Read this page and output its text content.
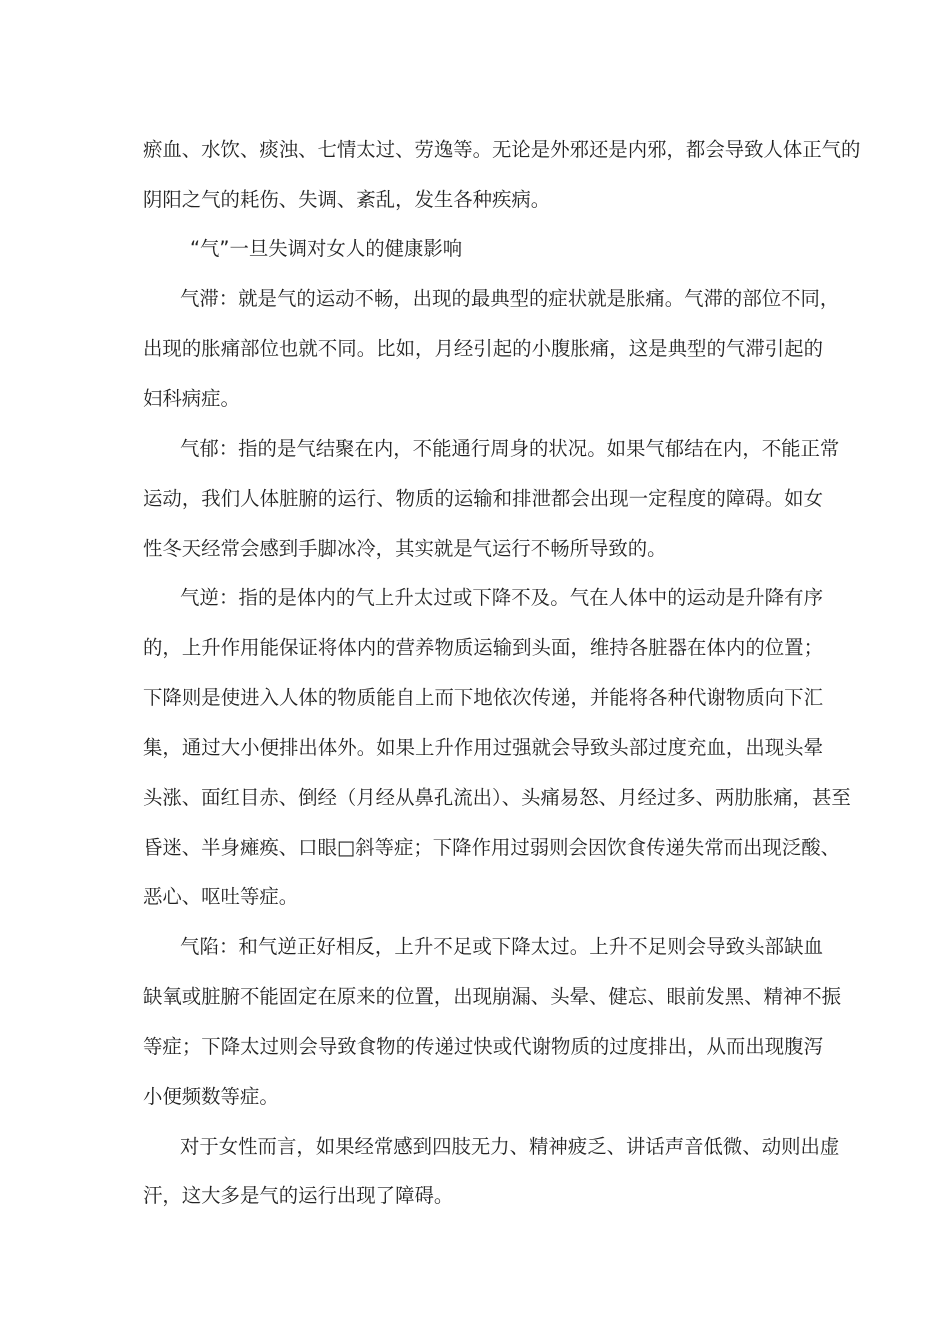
瘀血、水饮、痰浊、七情太过、劳逸等。无论是外邪还是内邪，都会导致人体正气的
阴阳之气的耗伤、失调、紊乱，发生各种疾病。
“气”一旦失调对女人的健康影响
气滞：就是气的运动不畅，出现的最典型的症状就是胀痛。气滞的部位不同，
出现的胀痛部位也就不同。比如，月经引起的小腹胀痛，这是典型的气滞引起的
妇科病症。
气郁：指的是气结聚在内，不能通行周身的状况。如果气郁结在内，不能正常
运动，我们人体脏腑的运行、物质的运输和排泄都会出现一定程度的障碍。如女
性冬天经常会感到手脚冰冷，其实就是气运行不畅所导致的。
气逆：指的是体内的气上升太过或下降不及。气在人体中的运动是升降有序
的，上升作用能保证将体内的营养物质运输到头面，维持各脏器在体内的位置；
下降则是使进入人体的物质能自上而下地依次传递，并能将各种代谢物质向下汇
集，通过大小便排出体外。如果上升作用过强就会导致头部过度充血，出现头晕
头涨、面红目赤、倒经（月经从鼻孔流出）、头痛易怒、月经过多、两肋胀痛，甚至
昏迷、半身瘫痪、口眼□斜等症；下降作用过弱则会因饮食传递失常而出现泛酸、
恶心、呕吐等症。
气陷：和气逆正好相反，上升不足或下降太过。上升不足则会导致头部缺血
缺氧或脏腑不能固定在原来的位置，出现崩漏、头晕、健忘、眼前发黑、精神不振
等症；下降太过则会导致食物的传递过快或代谢物质的过度排出，从而出现腹泻
小便频数等症。
对于女性而言，如果经常感到四肢无力、精神疲乏、讲话声音低微、动则出虚
汗，这大多是气的运行出现了障碍。
